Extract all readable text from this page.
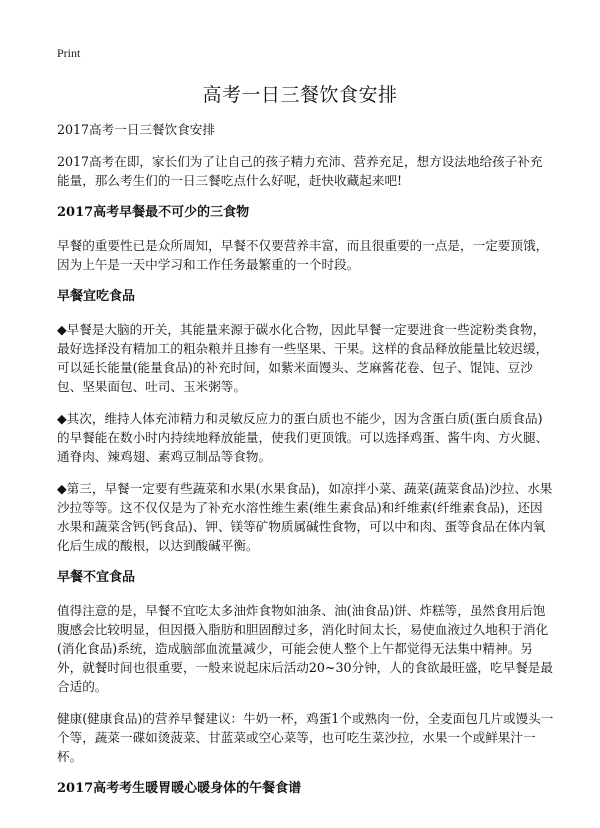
Print
高考一日三餐饮食安排

2017高考一日三餐饮食安排

2017高考在即，家长们为了让自己的孩子精力充沛、营养充足，想方设法地给孩子补充能量，那么考生们的一日三餐吃点什么好呢，赶快收藏起来吧!

2017高考早餐最不可少的三食物

早餐的重要性已是众所周知，早餐不仅要营养丰富，而且很重要的一点是，一定要顶饿，因为上午是一天中学习和工作任务最繁重的一个时段。

早餐宜吃食品

◆早餐是大脑的开关，其能量来源于碳水化合物，因此早餐一定要进食一些淀粉类食物，最好选择没有精加工的粗杂粮并且掺有一些坚果、干果。这样的食品释放能量比较迟缓，可以延长能量(能量食品)的补充时间，如紫米面馒头、芝麻酱花卷、包子、馄饨、豆沙包、坚果面包、吐司、玉米粥等。

◆其次，维持人体充沛精力和灵敏反应力的蛋白质也不能少，因为含蛋白质(蛋白质食品)的早餐能在数小时内持续地释放能量，使我们更顶饿。可以选择鸡蛋、酱牛肉、方火腿、通脊肉、辣鸡翅、素鸡豆制品等食物。

◆第三，早餐一定要有些蔬菜和水果(水果食品)，如凉拌小菜、蔬菜(蔬菜食品)沙拉、水果沙拉等等。这不仅仅是为了补充水溶性维生素(维生素食品)和纤维素(纤维素食品)，还因水果和蔬菜含钙(钙食品)、钾、镁等矿物质属碱性食物，可以中和肉、蛋等食品在体内氧化后生成的酸根，以达到酸碱平衡。

早餐不宜食品

值得注意的是，早餐不宜吃太多油炸食物如油条、油(油食品)饼、炸糕等，虽然食用后饱腹感会比较明显，但因摄入脂肪和胆固醇过多，消化时间太长，易使血液过久地积于消化(消化食品)系统，造成脑部血流量减少，可能会使人整个上午都觉得无法集中精神。另外，就餐时间也很重要，一般来说起床后活动20~30分钟，人的食欲最旺盛，吃早餐是最合适的。

健康(健康食品)的营养早餐建议：牛奶一杯，鸡蛋1个或熟肉一份，全麦面包几片或馒头一个等，蔬菜一碟如烫菠菜、甘蓝菜或空心菜等，也可吃生菜沙拉，水果一个或鲜果汁一杯。

2017高考考生暖胃暖心暖身体的午餐食谱
